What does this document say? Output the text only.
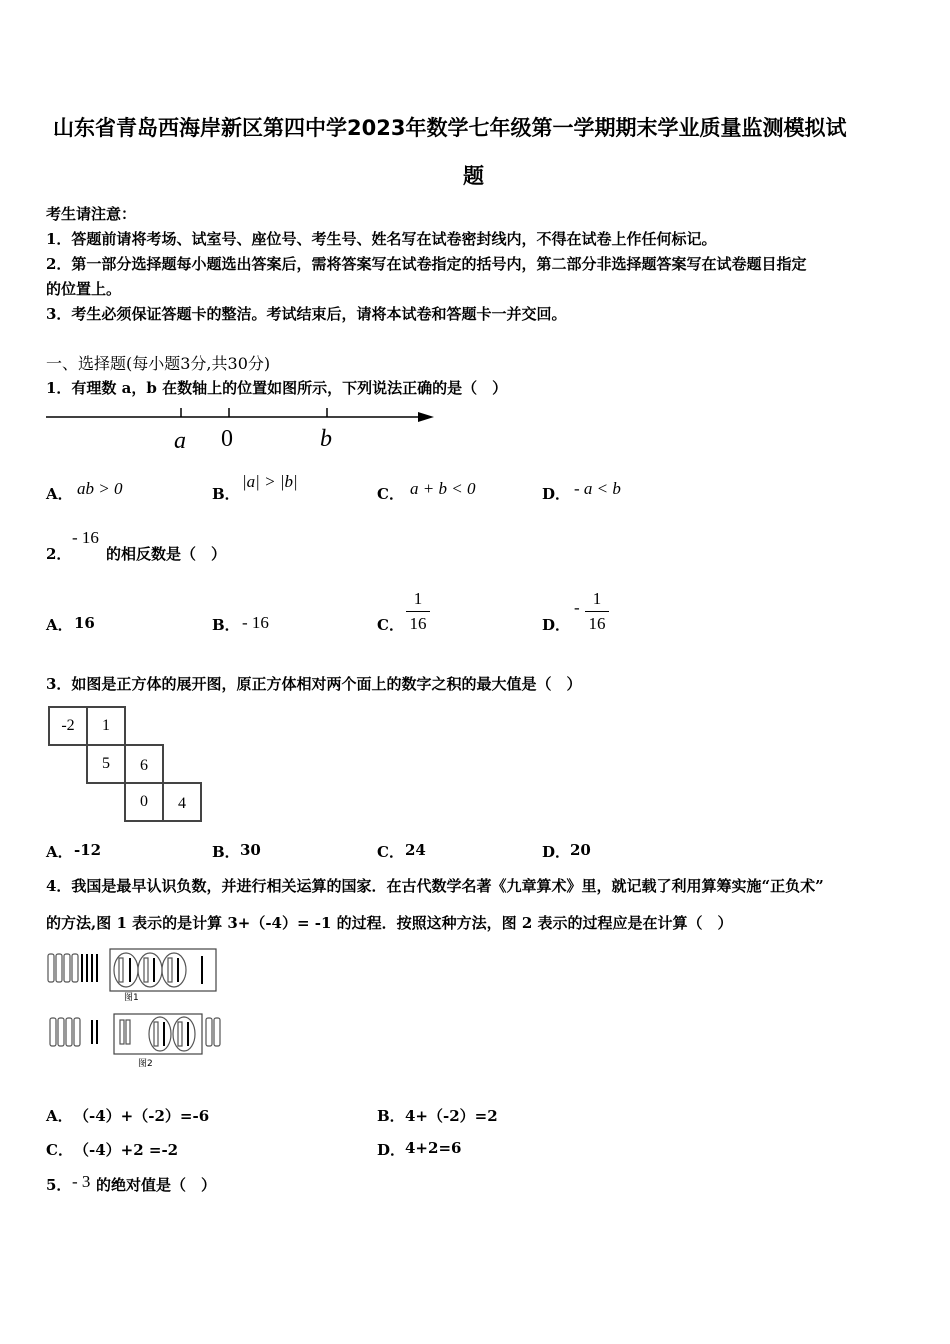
山东省青岛西海岸新区第四中学2023年数学七年级第一学期期末学业质量监测模拟试
题
考生请注意：
1．答题前请将考场、试室号、座位号、考生号、姓名写在试卷密封线内，不得在试卷上作任何标记。
2．第一部分选择题每小题选出答案后，需将答案写在试卷指定的括号内，第二部分非选择题答案写在试卷题目指定
的位置上。
3．考生必须保证答题卡的整洁。考试结束后，请将本试卷和答题卡一并交回。
一、选择题(每小题3分,共30分)
1．有理数 a，b 在数轴上的位置如图所示，下列说法正确的是（　）
a 0	b
A． ab > 0	B．
|a| > |b|
C． a + b < 0	D． - a < b
2．
- 16
的相反数是（　）
A． 16	B． - 16	C．
1
16	D．
- 1
16
3．如图是正方体的展开图，原正方体相对两个面上的数字之积的最大值是（　）
-2	1
5	6
0	4
A． -12	B． 30	C． 24	D． 20
4．我国是最早认识负数，并进行相关运算的国家．在古代数学名著《九章算术》里，就记载了利用算筹实施“正负术”
的方法,图 1 表示的是计算 3+（-4）= -1 的过程．按照这种方法，图 2 表示的过程应是在计算（　）
图1
图2
A． （-4）+（-2）=-6	B． 4+（-2）=2
C． （-4）+2 =-2	D． 4+2=6
5． - 3 的绝对值是（　）
